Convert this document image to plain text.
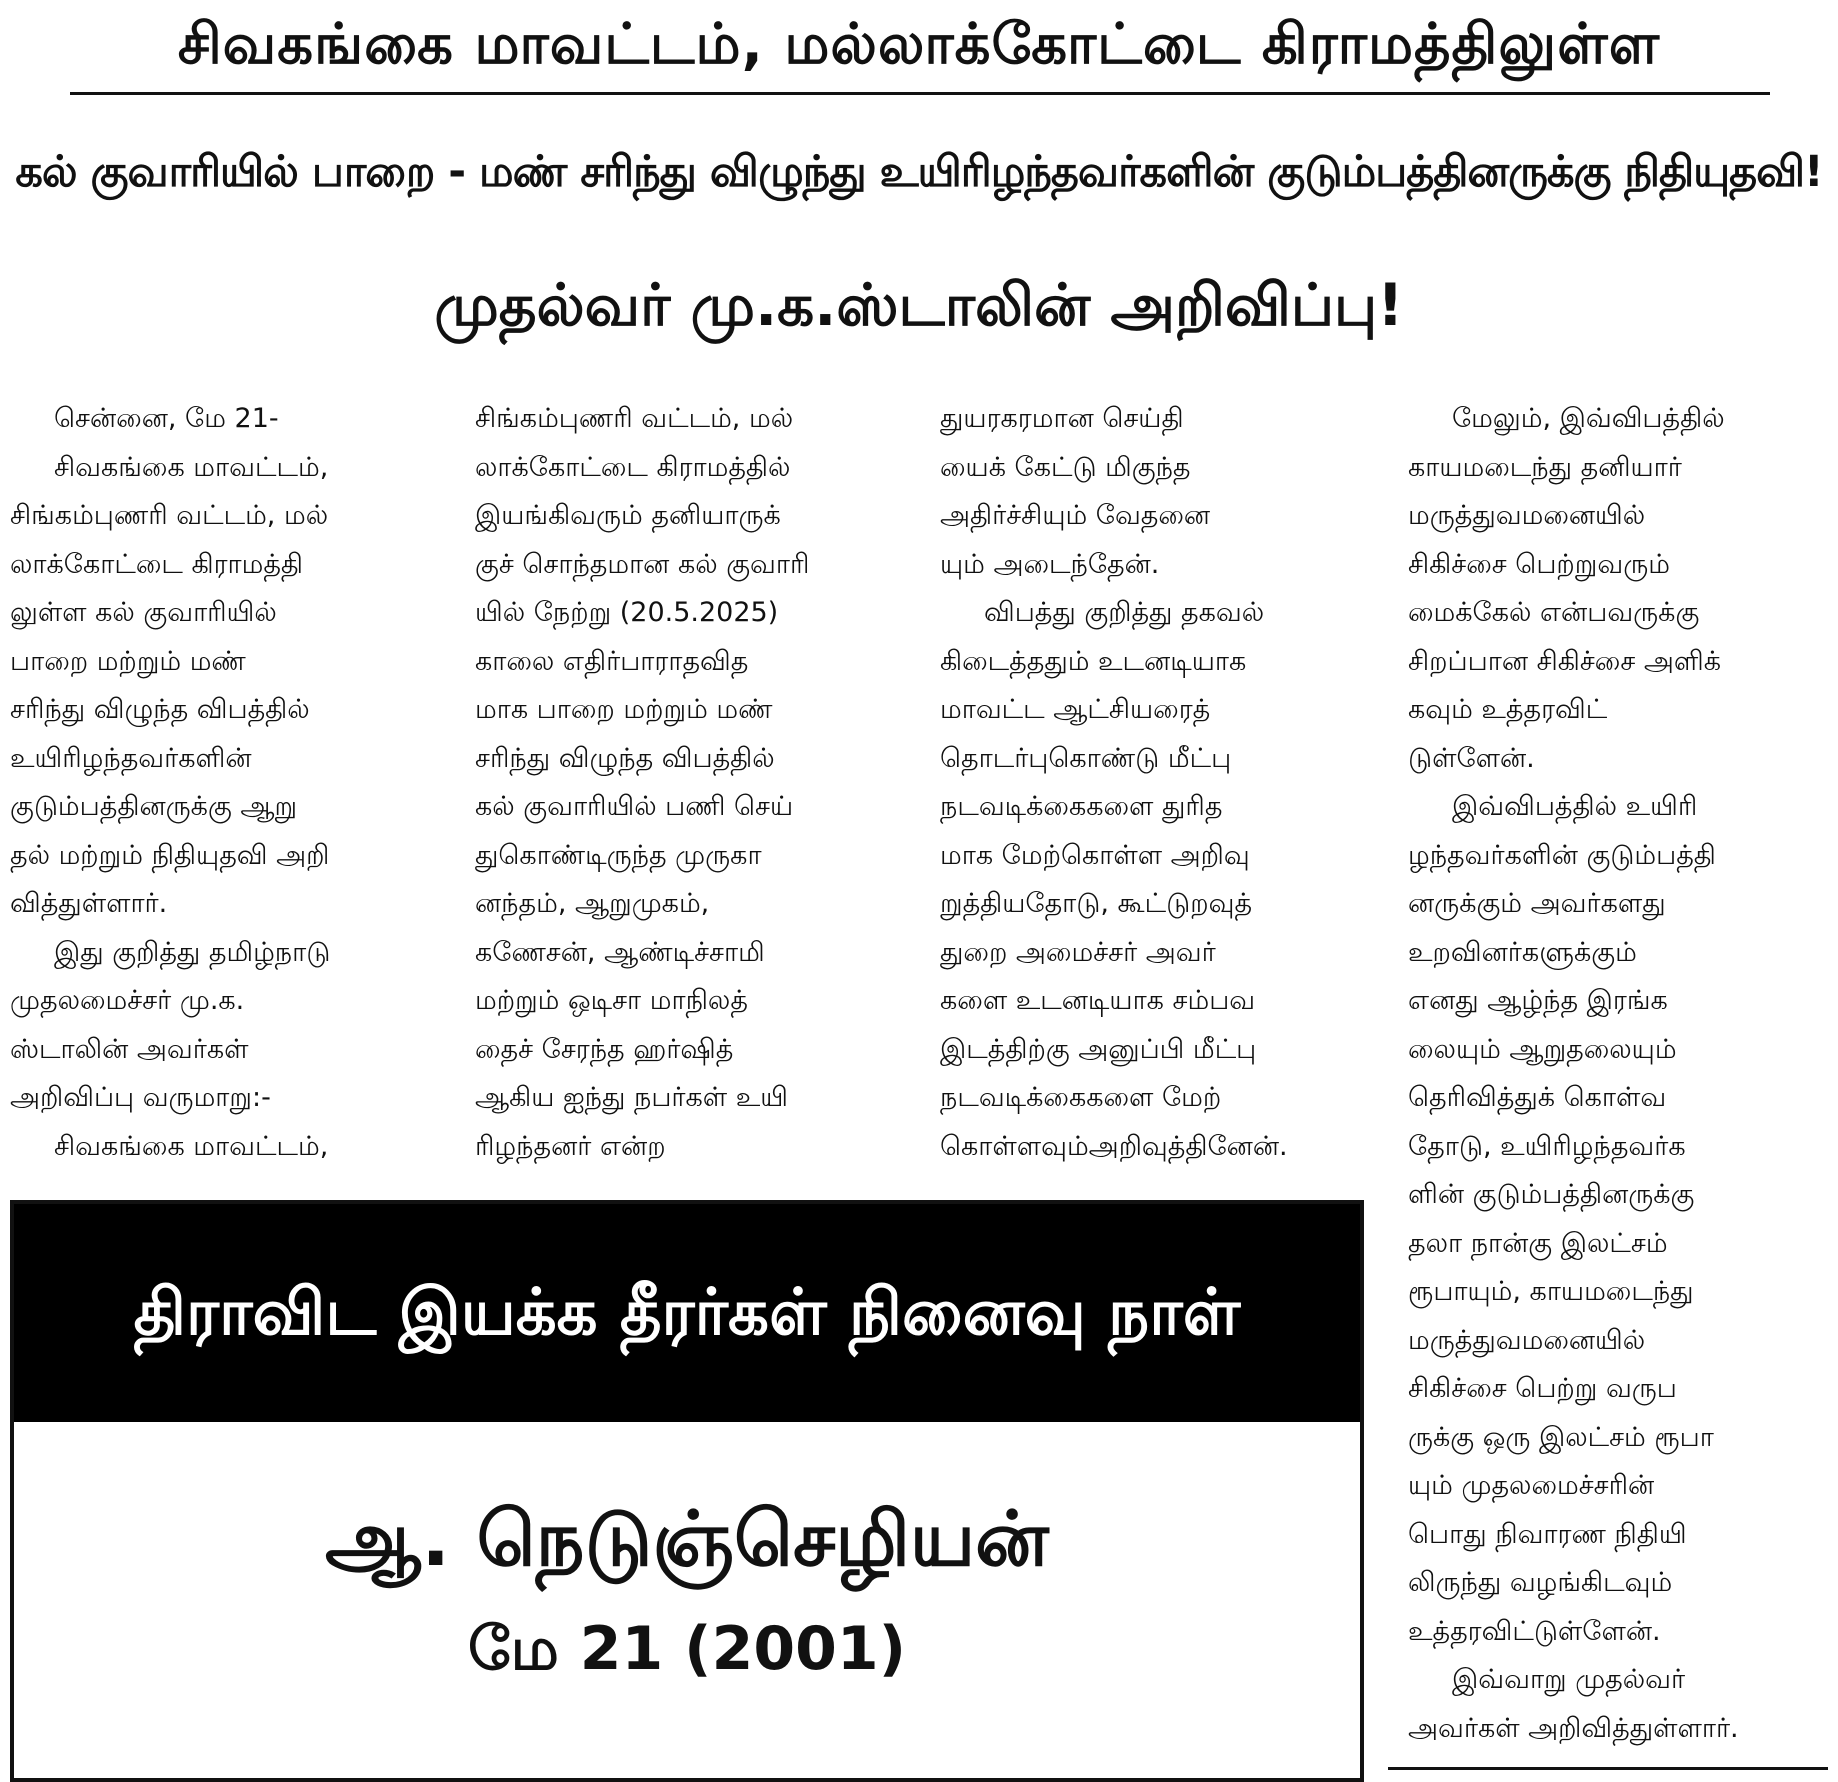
சிவகங்கை மாவட்டம், மல்லாக்கோட்டை கிராமத்திலுள்ள
கல் குவாரியில் பாறை - மண் சரிந்து விழுந்து உயிரிழந்தவர்களின் குடும்பத்தினருக்கு நிதியுதவி!
முதல்வர் மு.க.ஸ்டாலின் அறிவிப்பு!

சென்னை, மே 21-

சிவகங்கை மாவட்டம்,

சிங்கம்புணரி வட்டம், மல்

லாக்கோட்டை கிராமத்தி

லுள்ள கல் குவாரியில்

பாறை மற்றும் மண்

சரிந்து விழுந்த விபத்தில்

உயிரிழந்தவர்களின்

குடும்பத்தினருக்கு ஆறு

தல் மற்றும் நிதியுதவி அறி

வித்துள்ளார்.

இது குறித்து தமிழ்நாடு

முதலமைச்சர் மு.க.

ஸ்டாலின் அவர்கள்

அறிவிப்பு வருமாறு:-

சிவகங்கை மாவட்டம்,

சிங்கம்புணரி வட்டம், மல்

லாக்கோட்டை கிராமத்தில்

இயங்கிவரும் தனியாருக்

குச் சொந்தமான கல் குவாரி

யில் நேற்று (20.5.2025)

காலை எதிர்பாராதவித

மாக பாறை மற்றும் மண்

சரிந்து விழுந்த விபத்தில்

கல் குவாரியில் பணி செய்

துகொண்டிருந்த முருகா

னந்தம், ஆறுமுகம்,

கணேசன், ஆண்டிச்சாமி

மற்றும் ஒடிசா மாநிலத்

தைச் சேரந்த ஹர்ஷித்

ஆகிய ஐந்து நபர்கள் உயி

ரிழந்தனர் என்ற

துயரகரமான செய்தி

யைக் கேட்டு மிகுந்த

அதிர்ச்சியும் வேதனை

யும் அடைந்தேன்.

விபத்து குறித்து தகவல்

கிடைத்ததும் உடனடியாக

மாவட்ட ஆட்சியரைத்

தொடர்புகொண்டு மீட்பு

நடவடிக்கைகளை துரித

மாக மேற்கொள்ள அறிவு

றுத்தியதோடு, கூட்டுறவுத்

துறை அமைச்சர் அவர்

களை உடனடியாக சம்பவ

இடத்திற்கு அனுப்பி மீட்பு

நடவடிக்கைகளை மேற்

கொள்ளவும்அறிவுத்தினேன்.

மேலும், இவ்விபத்தில்

காயமடைந்து தனியார்

மருத்துவமனையில்

சிகிச்சை பெற்றுவரும்

மைக்கேல் என்பவருக்கு

சிறப்பான சிகிச்சை அளிக்

கவும் உத்தரவிட்

டுள்ளேன்.

இவ்விபத்தில் உயிரி

ழந்தவர்களின் குடும்பத்தி

னருக்கும் அவர்களது

உறவினர்களுக்கும்

எனது ஆழ்ந்த இரங்க

லையும் ஆறுதலையும்

தெரிவித்துக் கொள்வ

தோடு, உயிரிழந்தவர்க

ளின் குடும்பத்தினருக்கு

தலா நான்கு இலட்சம்

ரூபாயும், காயமடைந்து

மருத்துவமனையில்

சிகிச்சை பெற்று வருப

ருக்கு ஒரு இலட்சம் ரூபா

யும் முதலமைச்சரின்

பொது நிவாரண நிதியி

லிருந்து வழங்கிடவும்

உத்தரவிட்டுள்ளேன்.

இவ்வாறு முதல்வர்

அவர்கள் அறிவித்துள்ளார்.

திராவிட இயக்க தீரர்கள் நினைவு நாள்
ஆ. நெடுஞ்செழியன்
மே 21 (2001)
